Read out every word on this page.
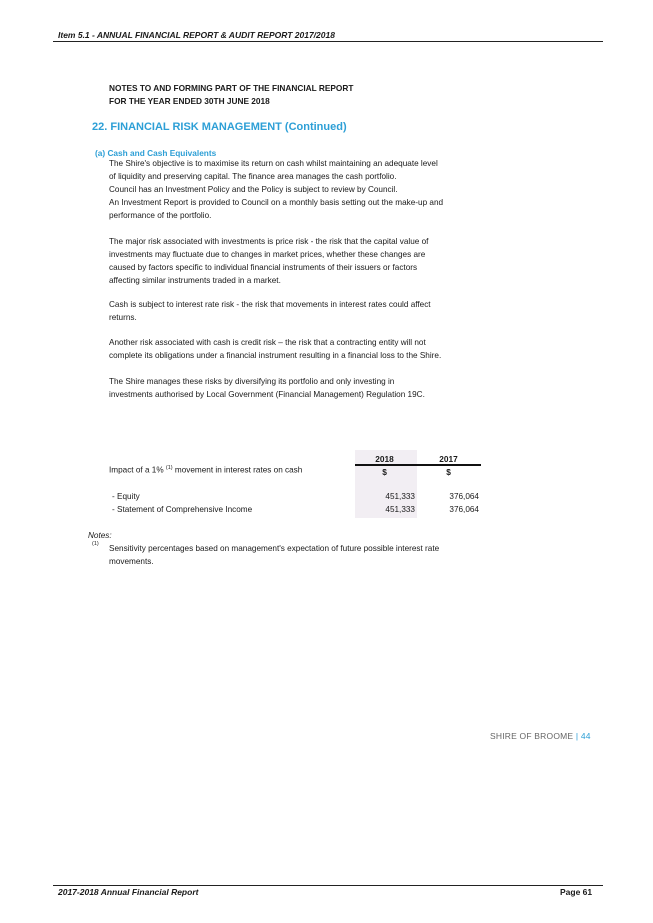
Item 5.1 - ANNUAL FINANCIAL REPORT & AUDIT REPORT 2017/2018
NOTES TO AND FORMING PART OF THE FINANCIAL REPORT
FOR THE YEAR ENDED 30TH JUNE 2018
22. FINANCIAL RISK MANAGEMENT (Continued)
(a) Cash and Cash Equivalents
The Shire's objective is to maximise its return on cash whilst maintaining an adequate level
of liquidity and preserving capital. The finance area manages the cash portfolio.
Council has an Investment Policy and the Policy is subject to review by Council.
An Investment Report is provided to Council on a monthly basis setting out the make-up and
performance of the portfolio.
The major risk associated with investments is price risk - the risk that the capital value of
investments may fluctuate due to changes in market prices, whether these changes are
caused by factors specific to individual financial instruments of their issuers or factors
affecting similar instruments traded in a market.
Cash is subject to interest rate risk - the risk that movements in interest rates could affect
returns.
Another risk associated with cash is credit risk – the risk that a contracting entity will not
complete its obligations under a financial instrument resulting in a financial loss to the Shire.
The Shire manages these risks by diversifying its portfolio and only investing in
investments authorised by Local Government (Financial Management) Regulation 19C.
2018	2017
$	$
Impact of a 1% $^{(1)}$ movement in interest rates on cash
- Equity	451,333	376,064
- Statement of Comprehensive Income	451,333	376,064
Notes:
(1) Sensitivity percentages based on management's expectation of future possible interest rate
movements.
SHIRE OF BROOME | 44
2017-2018 Annual Financial Report	Page 61
